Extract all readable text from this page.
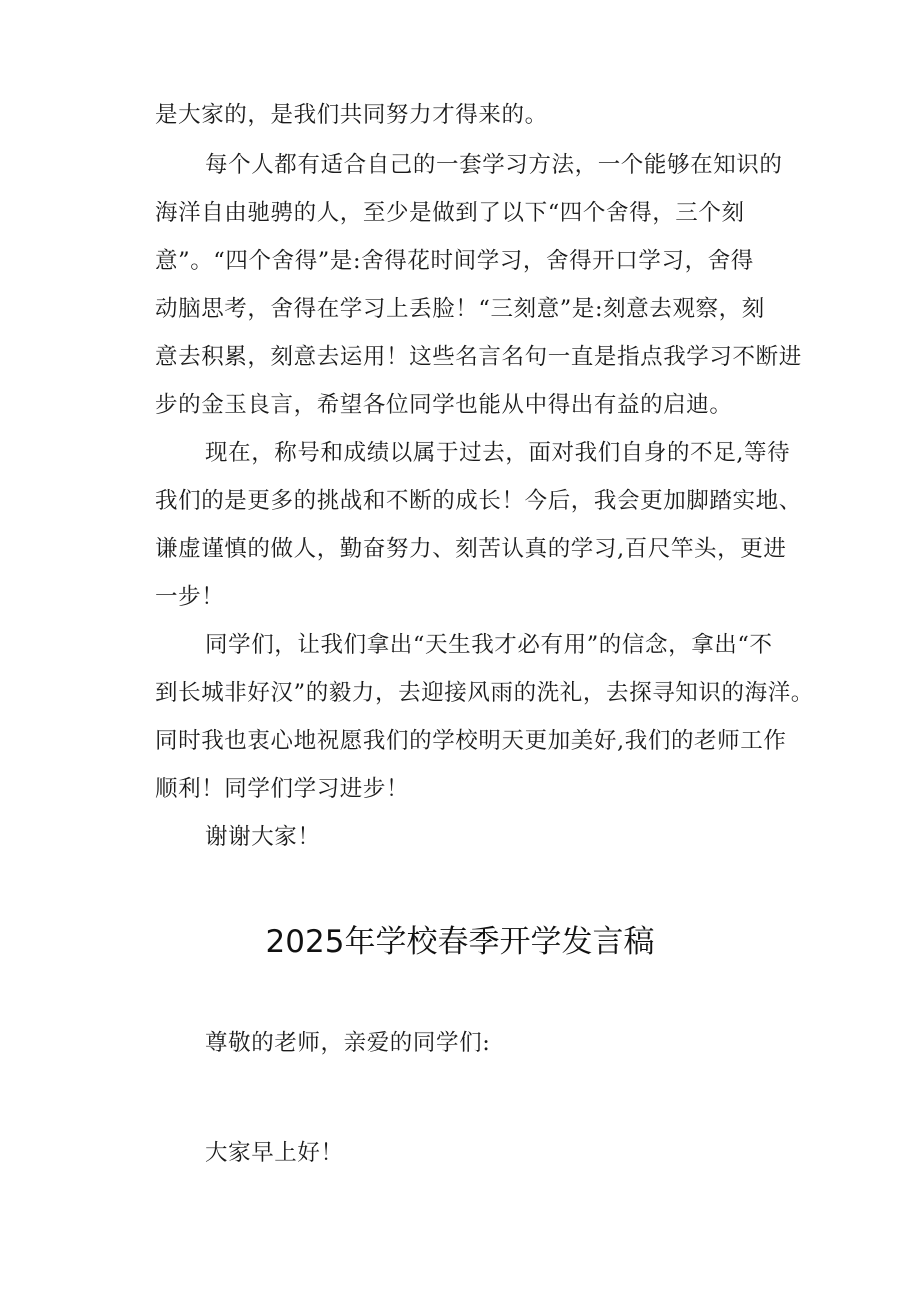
是大家的，是我们共同努力才得来的。
每个人都有适合自己的一套学习方法，一个能够在知识的
海洋自由驰骋的人，至少是做到了以下“四个舍得，三个刻
意”。“四个舍得”是:舍得花时间学习，舍得开口学习，舍得
动脑思考，舍得在学习上丢脸！“三刻意”是:刻意去观察，刻
意去积累，刻意去运用！这些名言名句一直是指点我学习不断进
步的金玉良言，希望各位同学也能从中得出有益的启迪。
现在，称号和成绩以属于过去，面对我们自身的不足,等待
我们的是更多的挑战和不断的成长！今后，我会更加脚踏实地、
谦虚谨慎的做人，勤奋努力、刻苦认真的学习,百尺竿头，更进
一步！
同学们，让我们拿出“天生我才必有用”的信念，拿出“不
到长城非好汉”的毅力，去迎接风雨的洗礼，去探寻知识的海洋。
同时我也衷心地祝愿我们的学校明天更加美好,我们的老师工作
顺利！同学们学习进步！
谢谢大家！
2025年学校春季开学发言稿
尊敬的老师，亲爱的同学们:
大家早上好！
